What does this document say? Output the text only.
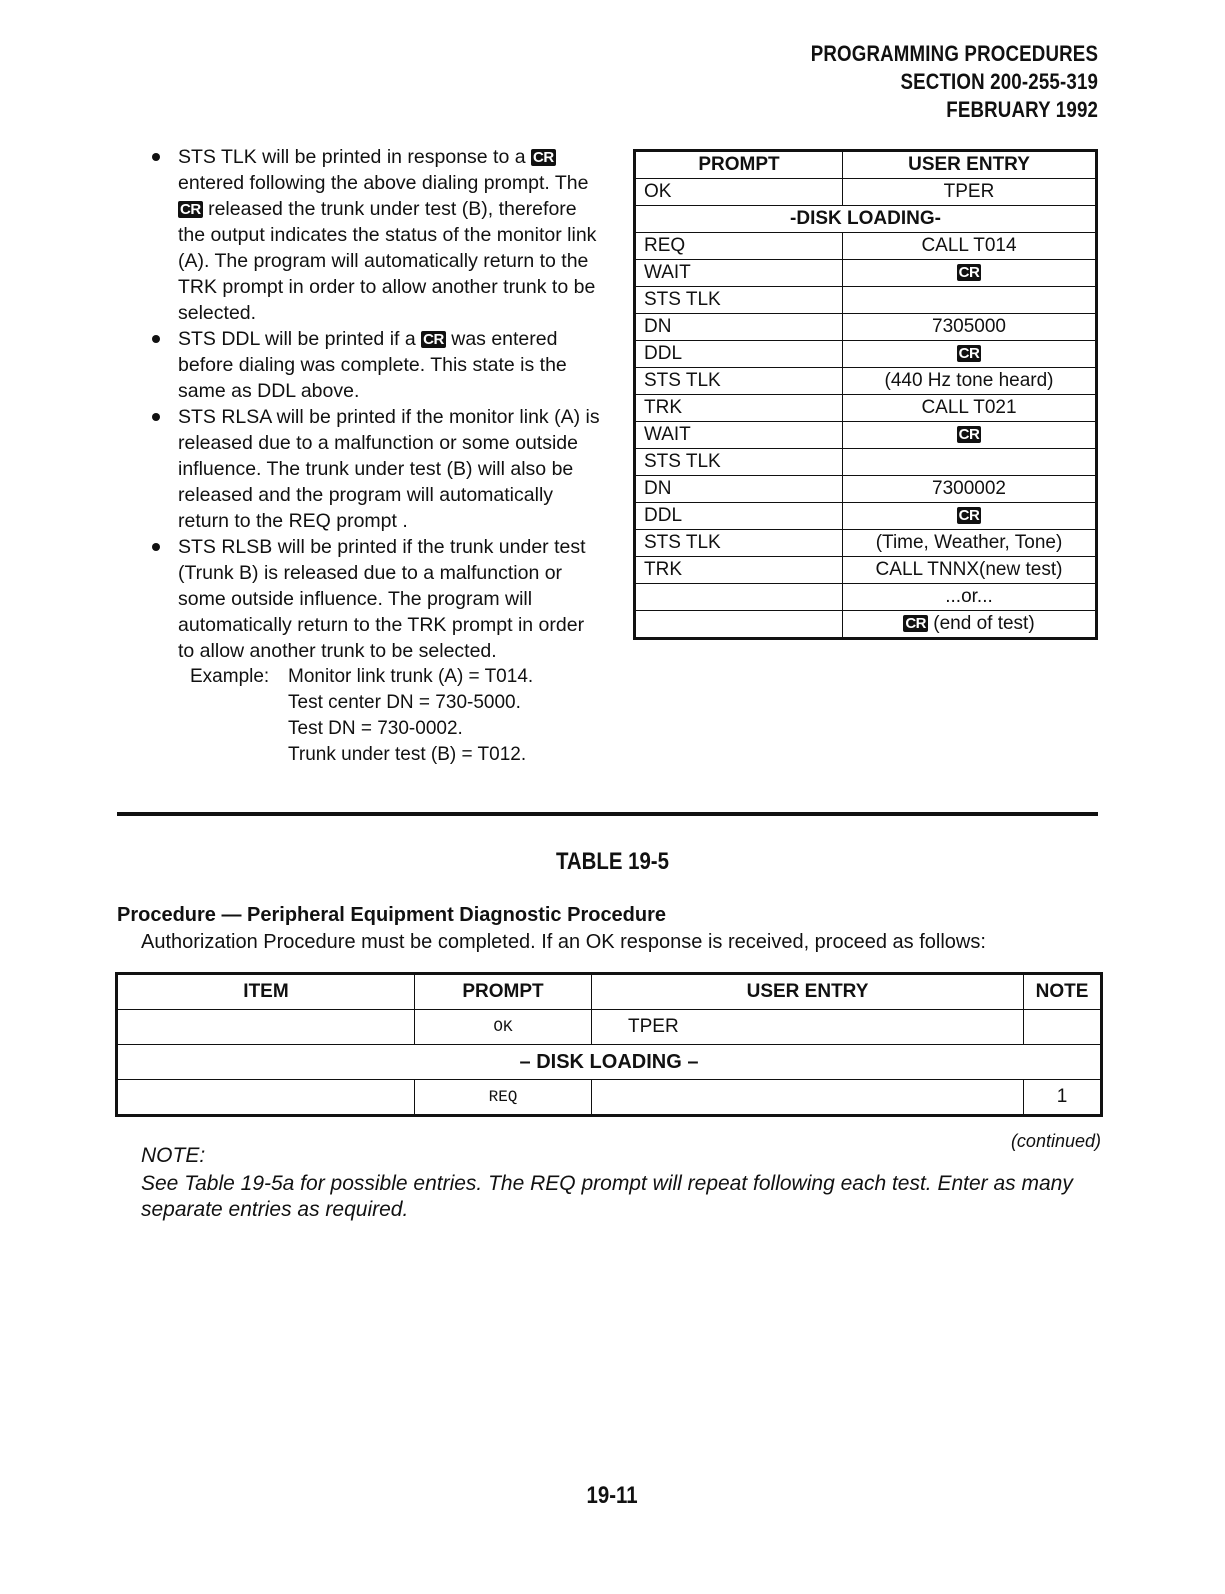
PROGRAMMING PROCEDURES
SECTION 200-255-319
FEBRUARY 1992
STS TLK will be printed in response to a CR entered following the above dialing prompt. The CR released the trunk under test (B), therefore the output indicates the status of the monitor link (A). The program will automatically return to the TRK prompt in order to allow another trunk to be selected.
STS DDL will be printed if a CR was entered before dialing was complete. This state is the same as DDL above.
STS RLSA will be printed if the monitor link (A) is released due to a malfunction or some outside influence. The trunk under test (B) will also be released and the program will automatically return to the REQ prompt .
STS RLSB will be printed if the trunk under test (Trunk B) is released due to a malfunction or some outside influence. The program will automatically return to the TRK prompt in order to allow another trunk to be selected.
Example: Monitor link trunk (A) = T014.
Test center DN = 730-5000.
Test DN = 730-0002.
Trunk under test (B) = T012.
PROMPT	USER ENTRY
OK	TPER
-DISK LOADING-	
REQ	CALL T014
WAIT	CR
STS TLK	
DN	7305000
DDL	CR
STS TLK	(440 Hz tone heard)
TRK	CALL T021
WAIT	CR
STS TLK	
DN	7300002
DDL	CR
STS TLK	(Time, Weather, Tone)
TRK	CALL TNNX(new test)
	...or...
	CR (end of test)
TABLE 19-5
Procedure — Peripheral Equipment Diagnostic Procedure
Authorization Procedure must be completed. If an OK response is received, proceed as follows:
ITEM	PROMPT	USER ENTRY	NOTE
	OK	TPER	
– DISK LOADING –			
	REQ		1
(continued)
NOTE:
See Table 19-5a for possible entries. The REQ prompt will repeat following each test. Enter as many separate entries as required.
19-11
